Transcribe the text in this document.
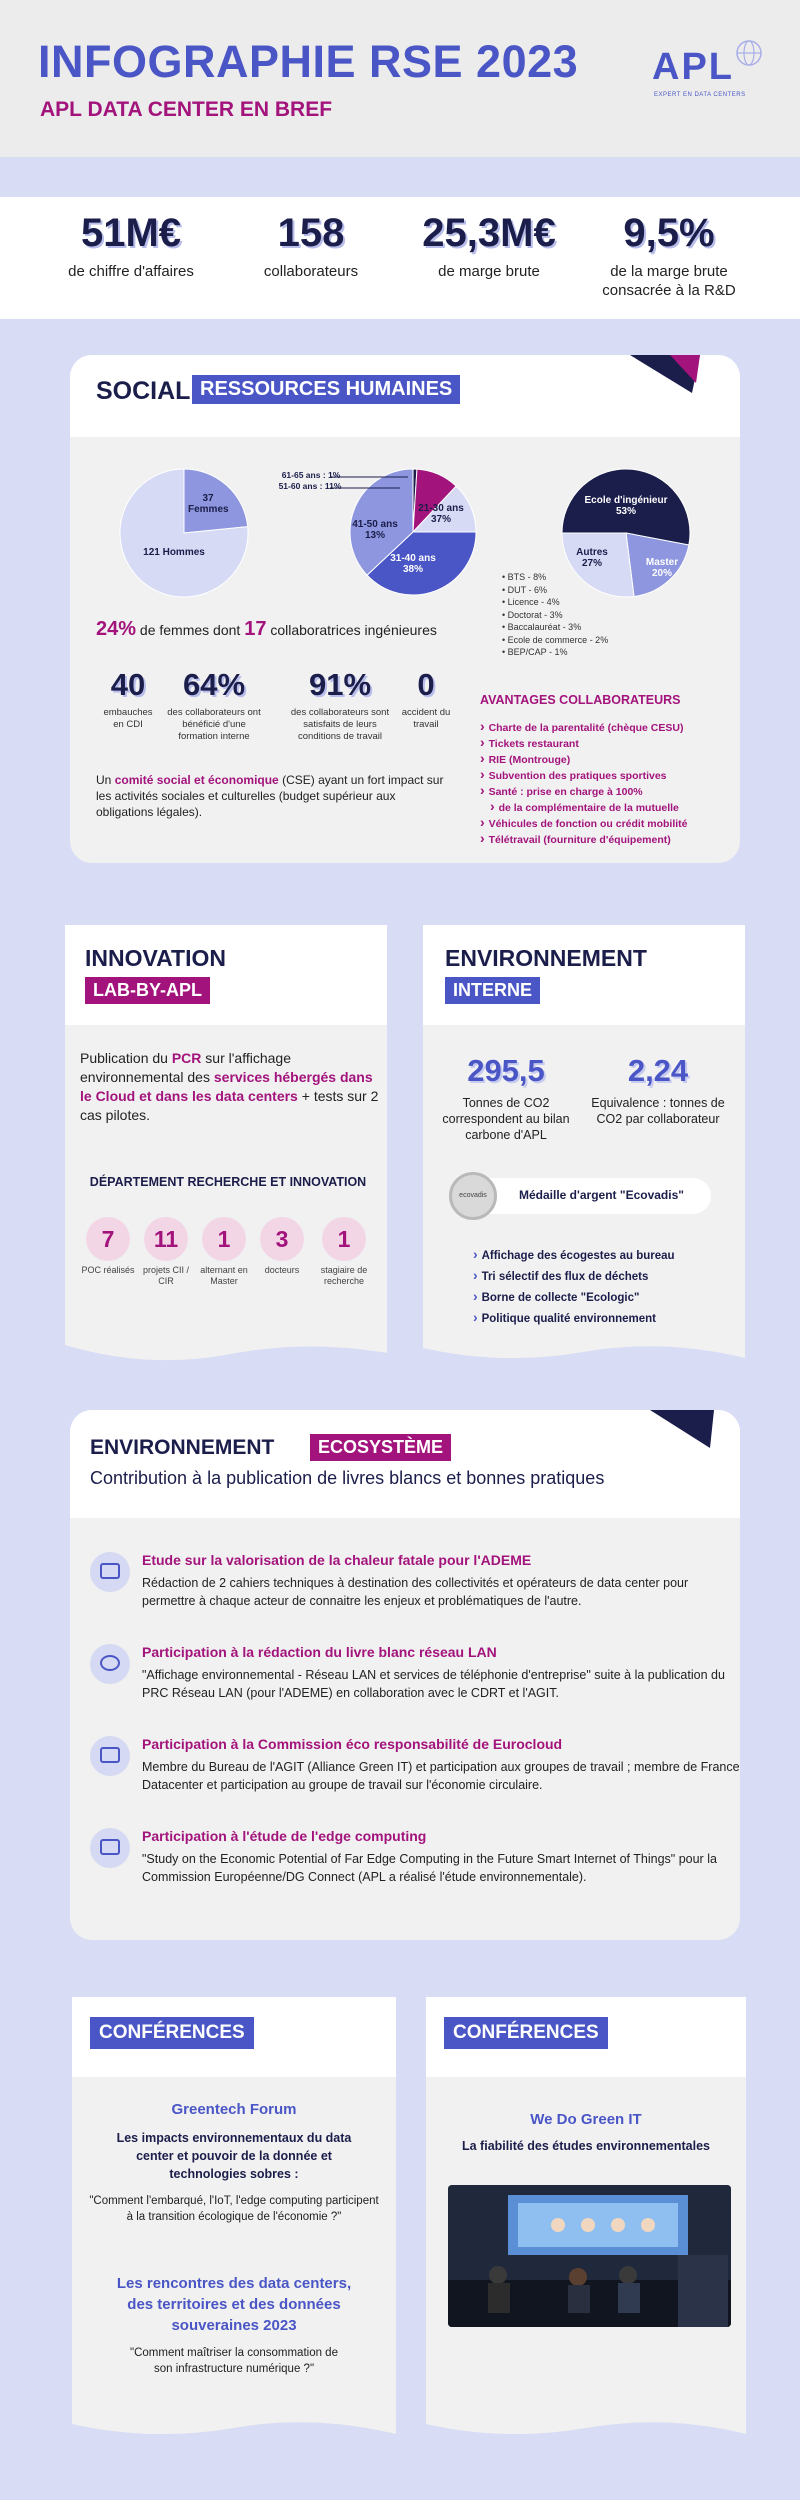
INFOGRAPHIE RSE 2023
APL DATA CENTER EN BREF
APL
EXPERT EN DATA CENTERS
51M€
de chiffre d'affaires
158
collaborateurs
25,3M€
de marge brute
9,5%
de la marge brute consacrée à la R&D
SOCIAL RESSOURCES HUMAINES
37 Femmes
121 Hommes
61-65 ans : 1%
51-60 ans : 11%
41-50 ans 13%
31-40 ans 38%
21-30 ans 37%
Ecole d'ingénieur 53%
Master 20%
Autres 27%
• BTS - 8%
• DUT - 6%
• Licence - 4%
• Doctorat - 3%
• Baccalauréat - 3%
• Ecole de commerce - 2%
• BEP/CAP - 1%
24% de femmes dont 17 collaboratrices ingénieures
40
embauches en CDI
64%
des collaborateurs ont bénéficié d'une formation interne
91%
des collaborateurs sont satisfaits de leurs conditions de travail
0
accident du travail
Un comité social et économique (CSE) ayant un fort impact sur les activités sociales et culturelles (budget supérieur aux obligations légales).
AVANTAGES COLLABORATEURS
› Charte de la parentalité (chèque CESU)
› Tickets restaurant
› RIE (Montrouge)
› Subvention des pratiques sportives
› Santé : prise en charge à 100%
› de la complémentaire de la mutuelle
› Véhicules de fonction ou crédit mobilité
› Télétravail (fourniture d'équipement)
INNOVATION
LAB-BY-APL
Publication du PCR sur l'affichage environnemental des services hébergés dans le Cloud et dans les data centers + tests sur 2 cas pilotes.
DÉPARTEMENT RECHERCHE ET INNOVATION
7
POC réalisés
11
projets CII / CIR
1
alternant en Master
3
docteurs
1
stagiaire de recherche
ENVIRONNEMENT
INTERNE
295,5
Tonnes de CO2 correspondent au bilan carbone d'APL
2,24
Equivalence : tonnes de CO2 par collaborateur
ecovadis	Médaille d'argent "Ecovadis"
› Affichage des écogestes au bureau
› Tri sélectif des flux de déchets
› Borne de collecte "Ecologic"
› Politique qualité environnement
ENVIRONNEMENT	ECOSYSTÈME
Contribution à la publication de livres blancs et bonnes pratiques
Etude sur la valorisation de la chaleur fatale pour l'ADEME
Rédaction de 2 cahiers techniques à destination des collectivités et opérateurs de data center pour permettre à chaque acteur de connaitre les enjeux et problématiques de l'autre.
Participation à la rédaction du livre blanc réseau LAN
"Affichage environnemental - Réseau LAN et services de téléphonie d'entreprise" suite à la publication du PRC Réseau LAN (pour l'ADEME) en collaboration avec le CDRT et l'AGIT.
Participation à la Commission éco responsabilité de Eurocloud
Membre du Bureau de l'AGIT (Alliance Green IT) et participation aux groupes de travail ; membre de France Datacenter et participation au groupe de travail sur l'économie circulaire.
Participation à l'étude de l'edge computing
"Study on the Economic Potential of Far Edge Computing in the Future Smart Internet of Things" pour la Commission Européenne/DG Connect (APL a réalisé l'étude environnementale).
CONFÉRENCES
Greentech Forum
Les impacts environnementaux du data center et pouvoir de la donnée et technologies sobres :
"Comment l'embarqué, l'IoT, l'edge computing participent à la transition écologique de l'économie ?"
Les rencontres des data centers, des territoires et des données souveraines 2023
"Comment maîtriser la consommation de son infrastructure numérique ?"
CONFÉRENCES
We Do Green IT
La fiabilité des études environnementales
